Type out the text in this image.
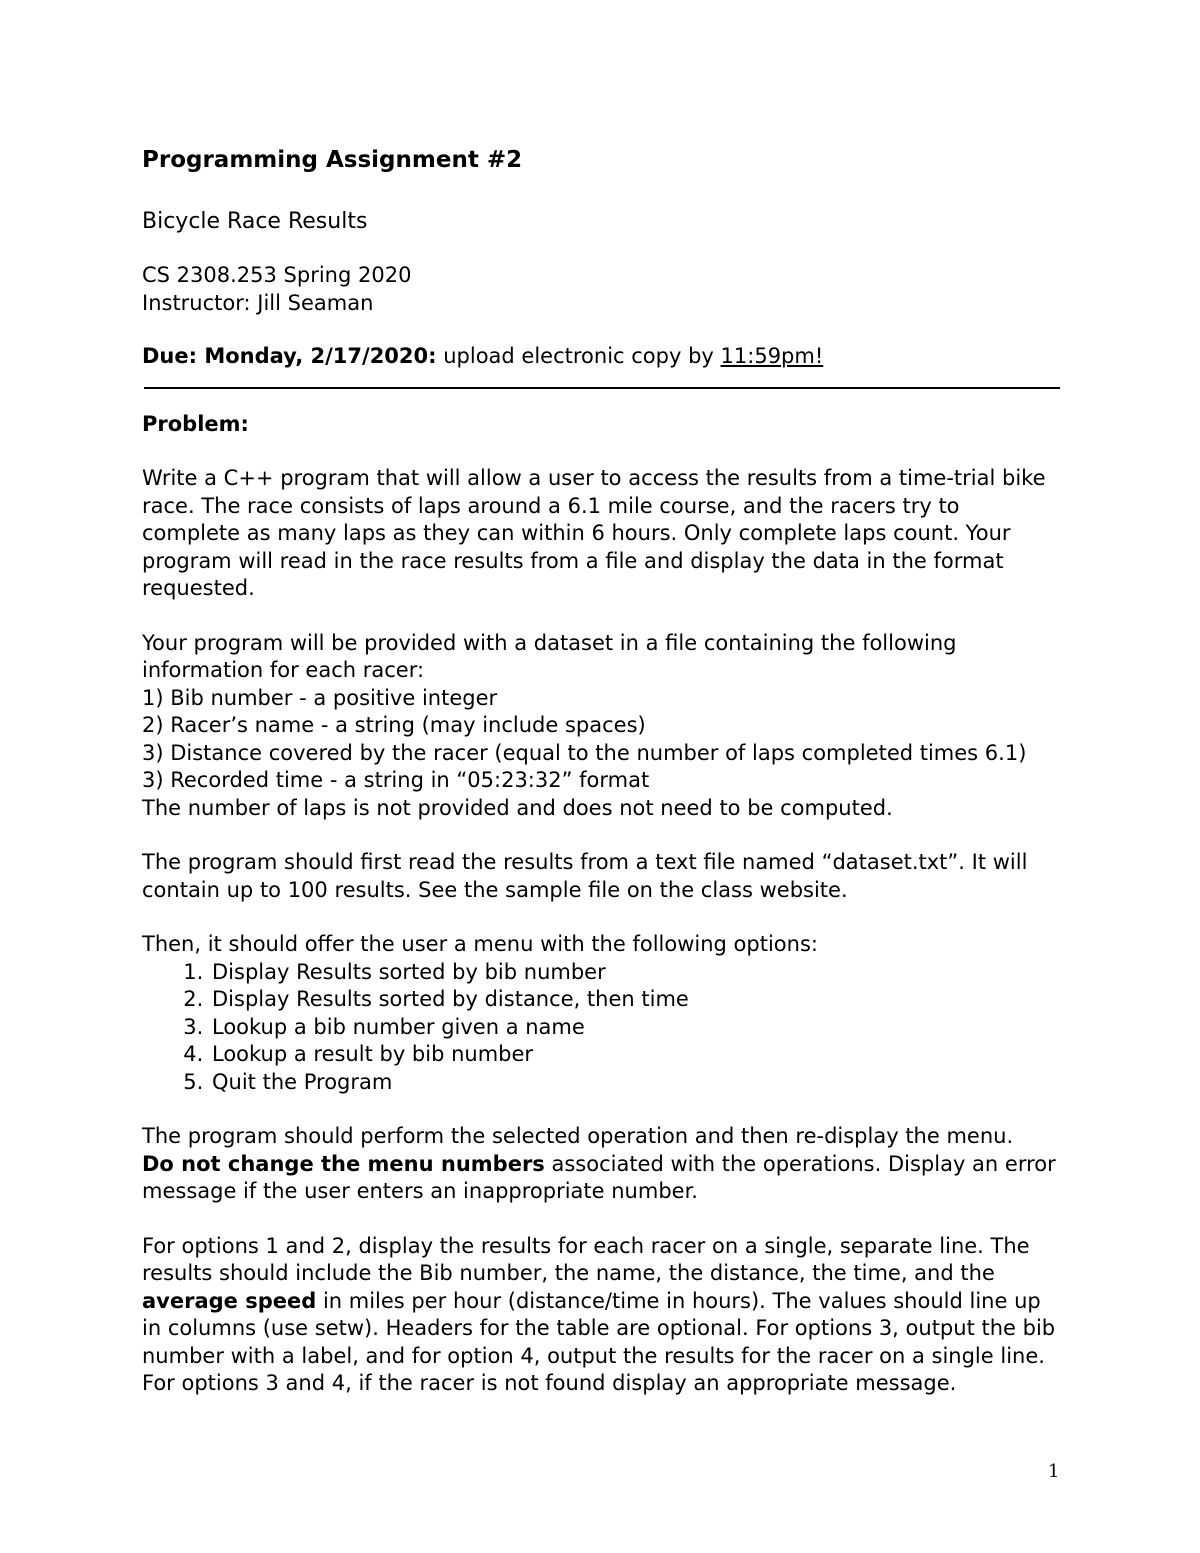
Programming Assignment #2
Bicycle Race Results
CS 2308.253 Spring 2020
Instructor: Jill Seaman
Due: Monday, 2/17/2020: upload electronic copy by 11:59pm!
Problem:

Write a C++ program that will allow a user to access the results from a time-trial bike race. The race consists of laps around a 6.1 mile course, and the racers try to complete as many laps as they can within 6 hours. Only complete laps count. Your program will read in the race results from a file and display the data in the format requested.

Your program will be provided with a dataset in a file containing the following information for each racer:

1) Bib number - a positive integer
2) Racer’s name - a string (may include spaces)
3) Distance covered by the racer (equal to the number of laps completed times 6.1)
3) Recorded time - a string in “05:23:32” format

The number of laps is not provided and does not need to be computed.

The program should first read the results from a text file named “dataset.txt”. It will contain up to 100 results. See the sample file on the class website.

Then, it should offer the user a menu with the following options:

1. Display Results sorted by bib number
2. Display Results sorted by distance, then time
3. Lookup a bib number given a name
4. Lookup a result by bib number
5. Quit the Program

The program should perform the selected operation and then re-display the menu.

Do not change the menu numbers associated with the operations. Display an error message if the user enters an inappropriate number.

For options 1 and 2, display the results for each racer on a single, separate line. The results should include the Bib number, the name, the distance, the time, and the average speed in miles per hour (distance/time in hours). The values should line up in columns (use setw). Headers for the table are optional. For options 3, output the bib number with a label, and for option 4, output the results for the racer on a single line. For options 3 and 4, if the racer is not found display an appropriate message.

1
